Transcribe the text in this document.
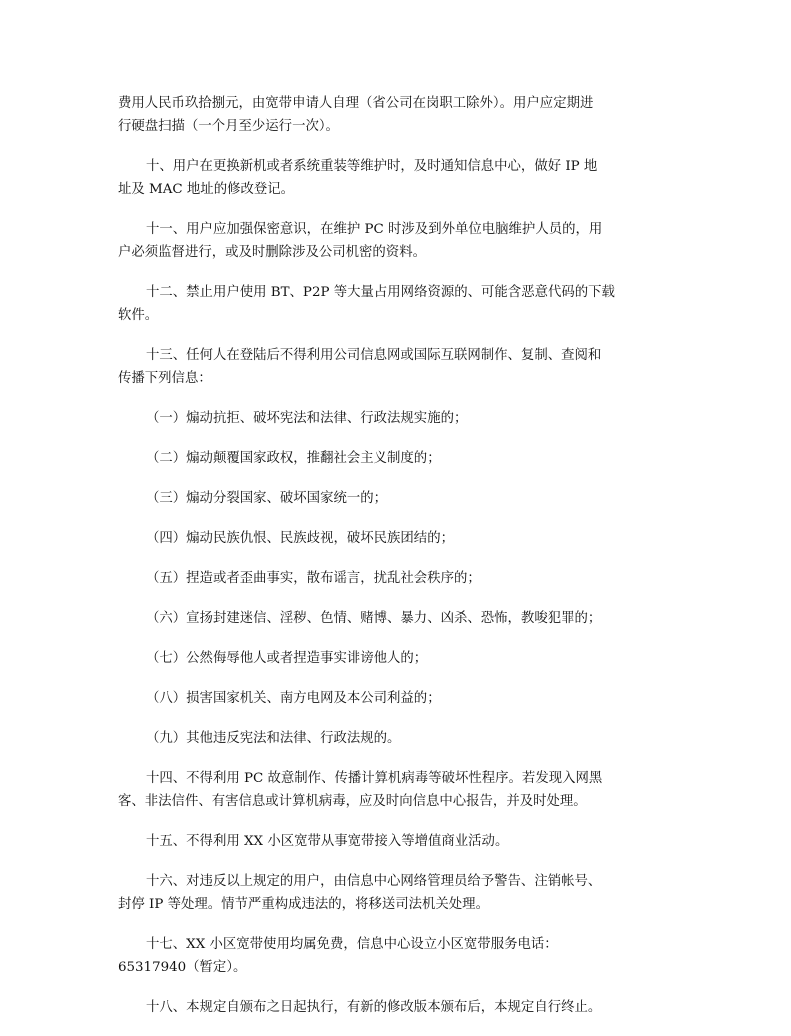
费用人民币玖拾捌元，由宽带申请人自理（省公司在岗职工除外）。用户应定期进
行硬盘扫描（一个月至少运行一次）。

十、用户在更换新机或者系统重装等维护时，及时通知信息中心，做好 IP 地
址及 MAC 地址的修改登记。

十一、用户应加强保密意识，在维护 PC 时涉及到外单位电脑维护人员的，用
户必须监督进行，或及时删除涉及公司机密的资料。

十二、禁止用户使用 BT、P2P 等大量占用网络资源的、可能含恶意代码的下载
软件。

十三、任何人在登陆后不得利用公司信息网或国际互联网制作、复制、查阅和
传播下列信息：

（一）煽动抗拒、破坏宪法和法律、行政法规实施的；

（二）煽动颠覆国家政权，推翻社会主义制度的；

（三）煽动分裂国家、破坏国家统一的；

（四）煽动民族仇恨、民族歧视，破坏民族团结的；

（五）捏造或者歪曲事实，散布谣言，扰乱社会秩序的；

（六）宣扬封建迷信、淫秽、色情、赌博、暴力、凶杀、恐怖，教唆犯罪的；

（七）公然侮辱他人或者捏造事实诽谤他人的；

（八）损害国家机关、南方电网及本公司利益的；

（九）其他违反宪法和法律、行政法规的。

十四、不得利用 PC 故意制作、传播计算机病毒等破坏性程序。若发现入网黑
客、非法信件、有害信息或计算机病毒，应及时向信息中心报告，并及时处理。

十五、不得利用 XX 小区宽带从事宽带接入等增值商业活动。

十六、对违反以上规定的用户，由信息中心网络管理员给予警告、注销帐号、
封停 IP 等处理。情节严重构成违法的，将移送司法机关处理。

十七、XX 小区宽带使用均属免费，信息中心设立小区宽带服务电话：
65317940（暂定）。

十八、本规定自颁布之日起执行，有新的修改版本颁布后，本规定自行终止。
